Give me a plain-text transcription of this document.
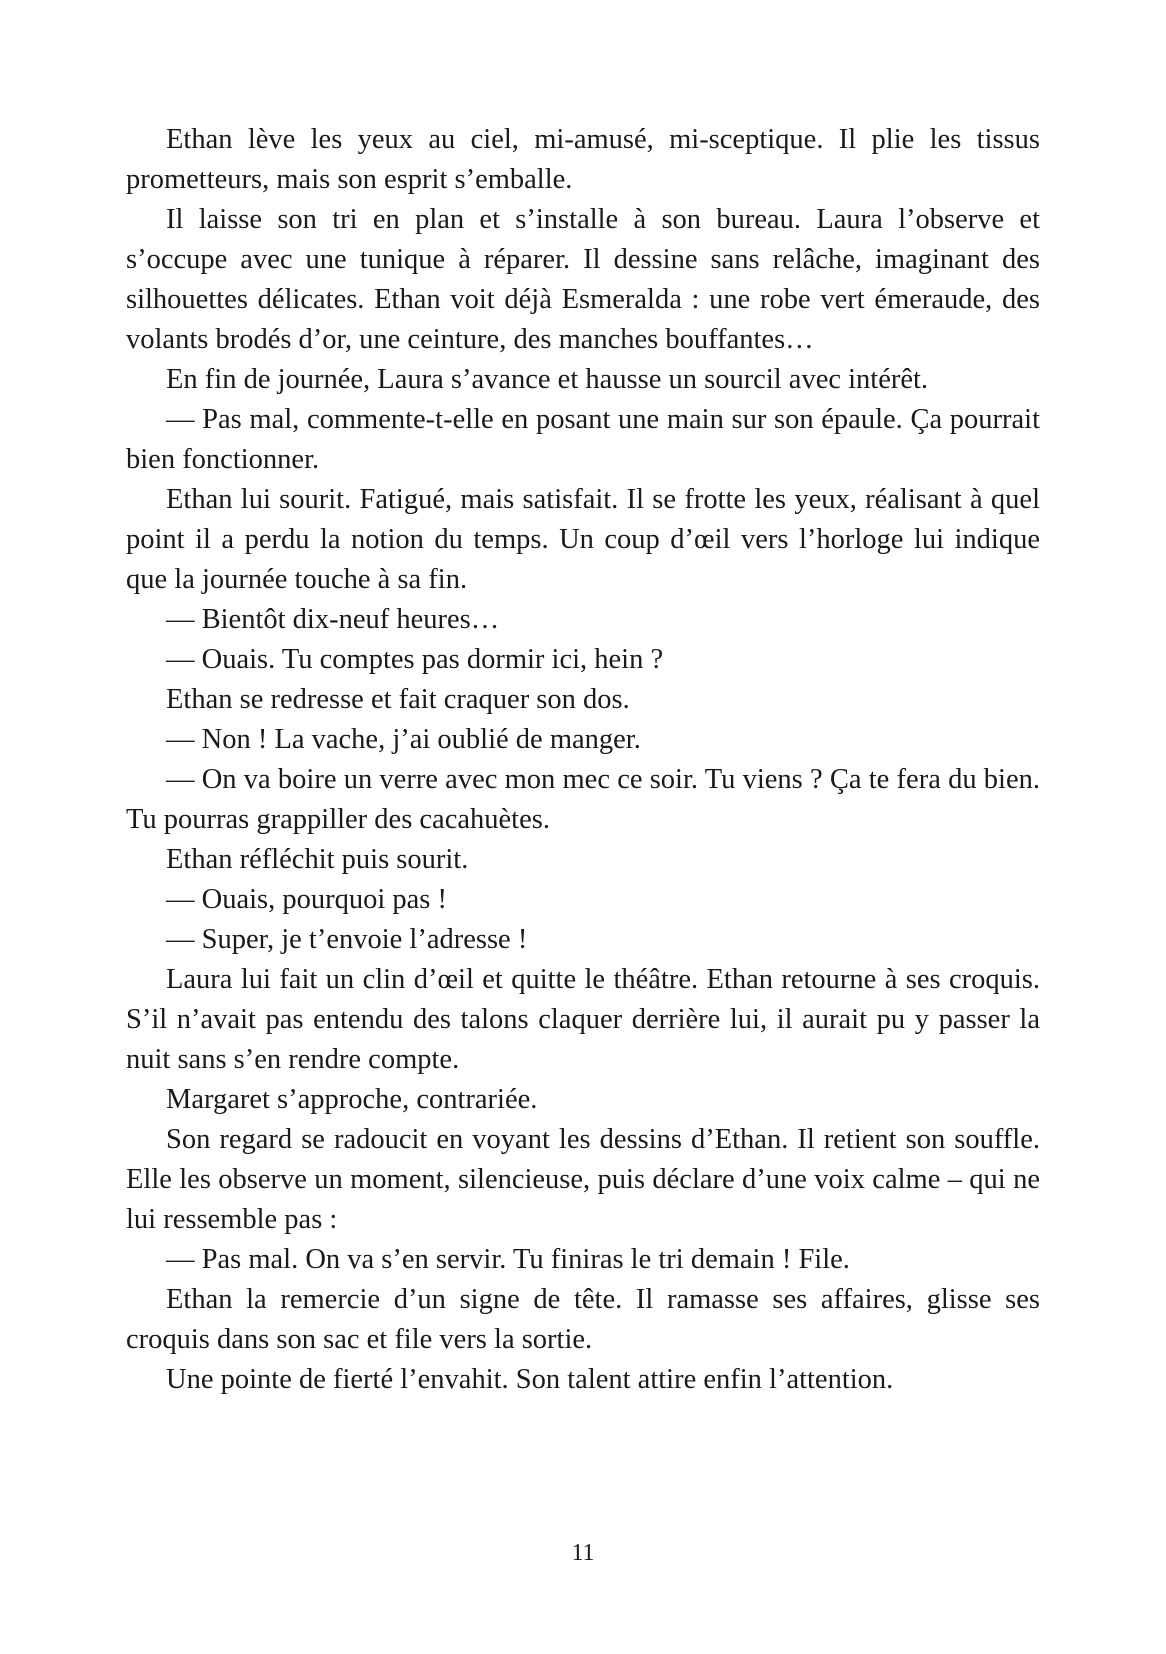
Ethan lève les yeux au ciel, mi-amusé, mi-sceptique. Il plie les tissus prometteurs, mais son esprit s’emballe.

Il laisse son tri en plan et s’installe à son bureau. Laura l’observe et s’occupe avec une tunique à réparer. Il dessine sans relâche, imaginant des silhouettes délicates. Ethan voit déjà Esmeralda : une robe vert émeraude, des volants brodés d’or, une ceinture, des manches bouffantes…

En fin de journée, Laura s’avance et hausse un sourcil avec intérêt.

— Pas mal, commente-t-elle en posant une main sur son épaule. Ça pourrait bien fonctionner.

Ethan lui sourit. Fatigué, mais satisfait. Il se frotte les yeux, réalisant à quel point il a perdu la notion du temps. Un coup d’œil vers l’horloge lui indique que la journée touche à sa fin.

— Bientôt dix-neuf heures…

— Ouais. Tu comptes pas dormir ici, hein ?

Ethan se redresse et fait craquer son dos.

— Non ! La vache, j’ai oublié de manger.

— On va boire un verre avec mon mec ce soir. Tu viens ? Ça te fera du bien. Tu pourras grappiller des cacahuètes.

Ethan réfléchit puis sourit.

— Ouais, pourquoi pas !

— Super, je t’envoie l’adresse !

Laura lui fait un clin d’œil et quitte le théâtre. Ethan retourne à ses croquis. S’il n’avait pas entendu des talons claquer derrière lui, il aurait pu y passer la nuit sans s’en rendre compte.

Margaret s’approche, contrariée.

Son regard se radoucit en voyant les dessins d’Ethan. Il retient son souffle. Elle les observe un moment, silencieuse, puis déclare d’une voix calme – qui ne lui ressemble pas :

— Pas mal. On va s’en servir. Tu finiras le tri demain ! File.

Ethan la remercie d’un signe de tête. Il ramasse ses affaires, glisse ses croquis dans son sac et file vers la sortie.

Une pointe de fierté l’envahit. Son talent attire enfin l’attention.

11
